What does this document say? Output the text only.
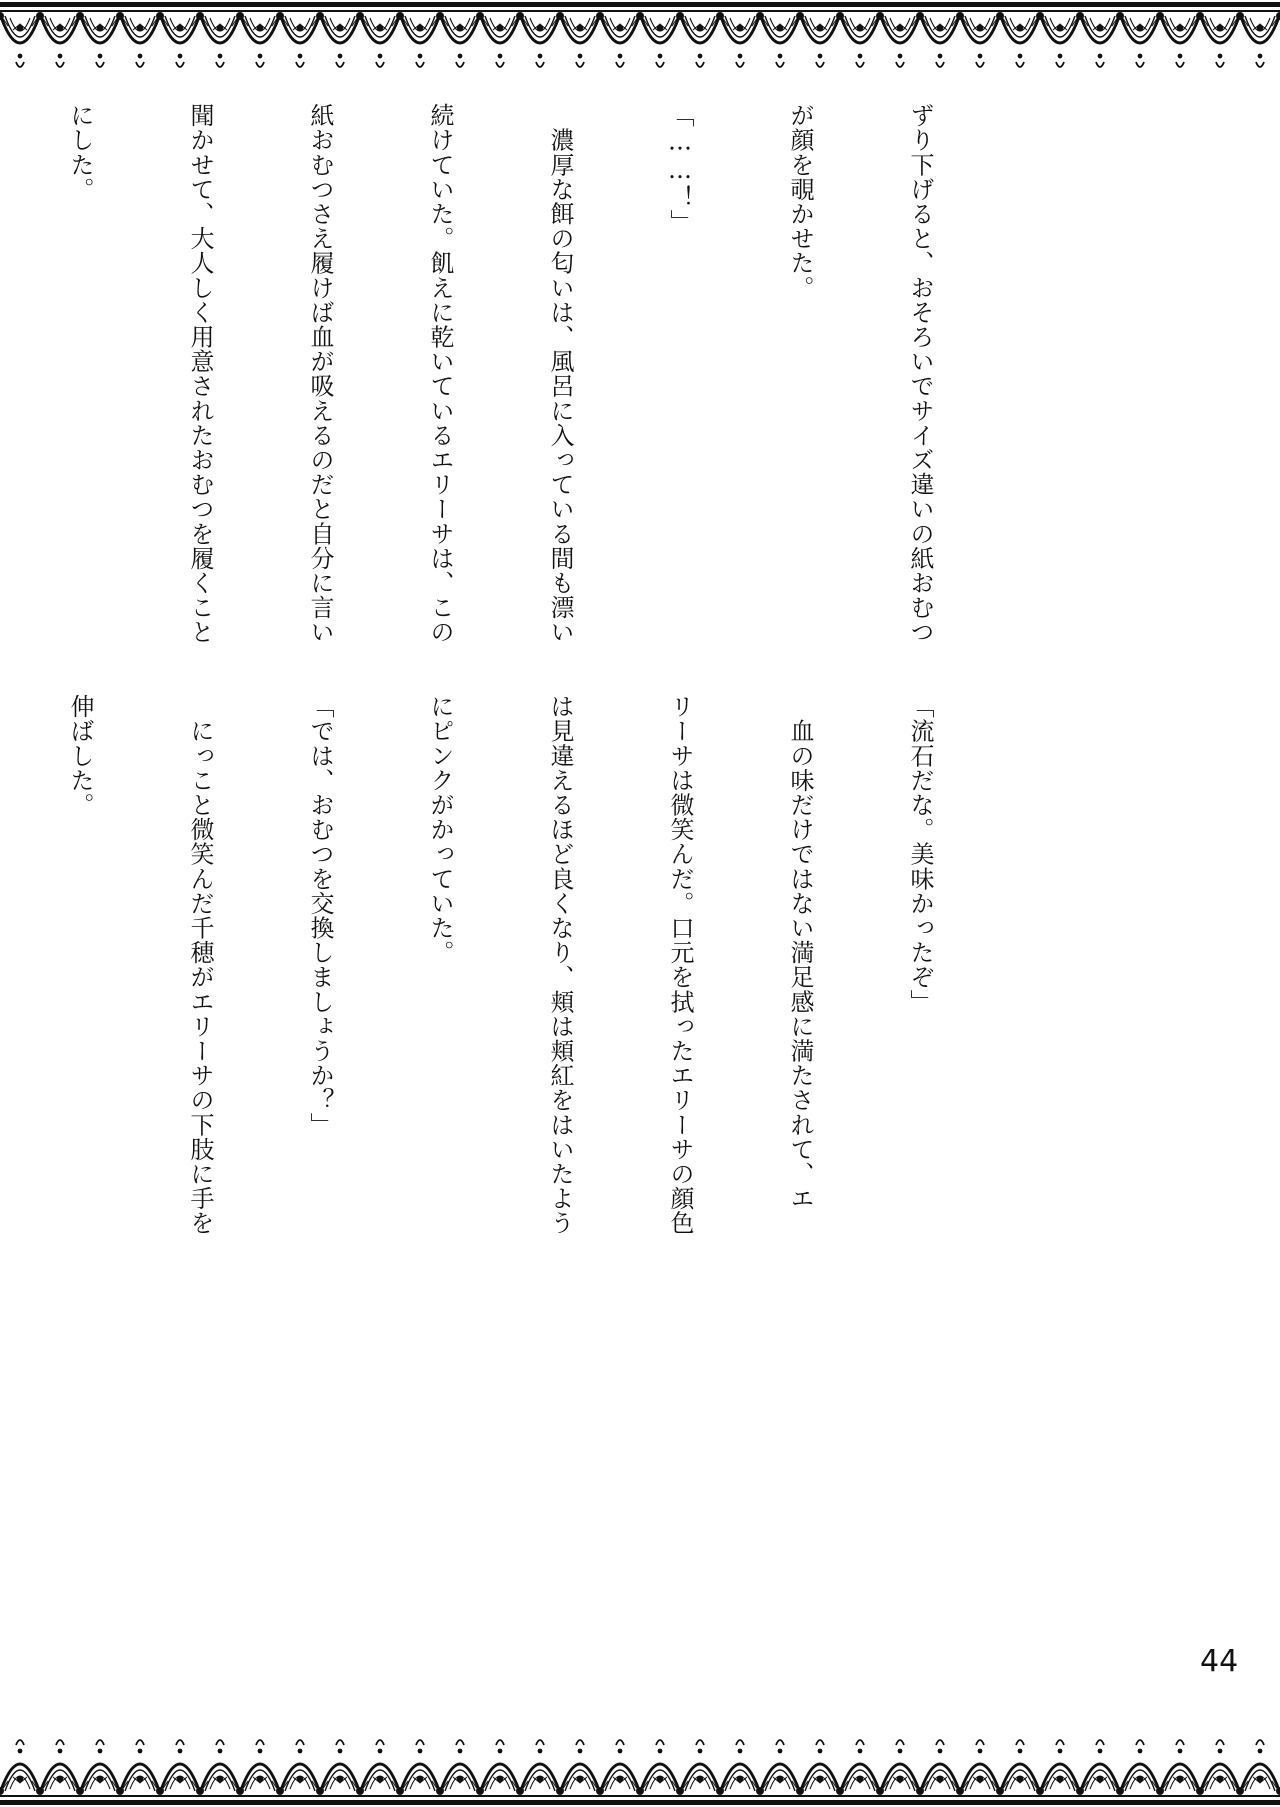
ずり下げると、おそろいでサイズ違いの紙おむつ

が顔を覗かせた。

「……！」

　濃厚な餌の匂いは、風呂に入っている間も漂い

続けていた。飢えに乾いているエリーサは、この

紙おむつさえ履けば血が吸えるのだと自分に言い

聞かせて、大人しく用意されたおむつを履くこと

にした。

「流石だな。美味かったぞ」

　血の味だけではない満足感に満たされて、エ

リーサは微笑んだ。口元を拭ったエリーサの顔色

は見違えるほど良くなり、頬は頬紅をはいたよう

にピンクがかっていた。

「では、おむつを交換しましょうか？」

　にっこと微笑んだ千穂がエリーサの下肢に手を

伸ばした。

44
